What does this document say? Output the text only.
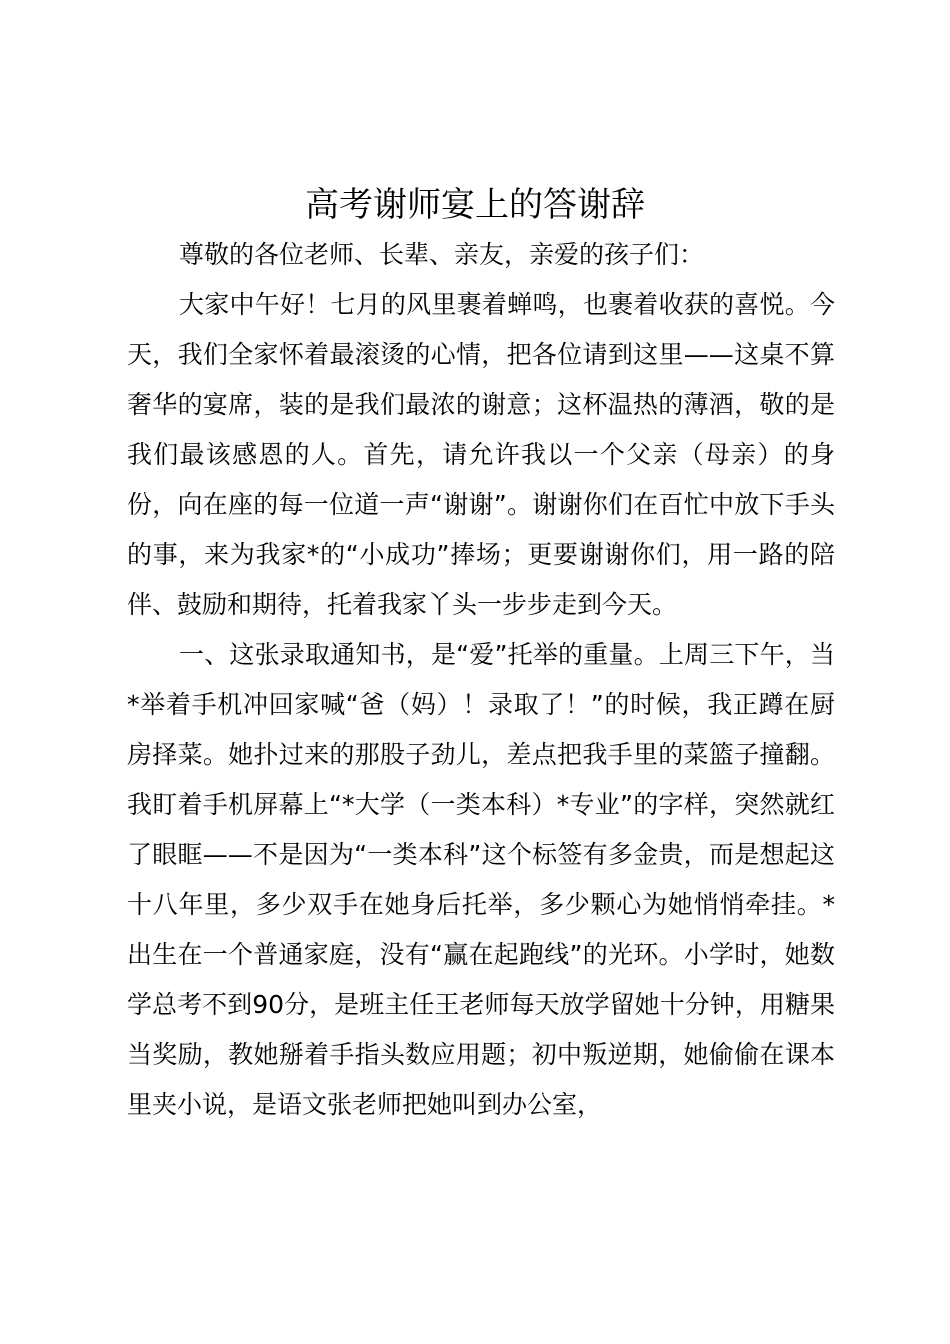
高考谢师宴上的答谢辞

尊敬的各位老师、长辈、亲友，亲爱的孩子们：

大家中午好！七月的风里裹着蝉鸣，也裹着收获的喜悦。今天，我们全家怀着最滚烫的心情，把各位请到这里——这桌不算奢华的宴席，装的是我们最浓的谢意；这杯温热的薄酒，敬的是我们最该感恩的人。首先，请允许我以一个父亲（母亲）的身份，向在座的每一位道一声“谢谢”。谢谢你们在百忙中放下手头的事，来为我家*的“小成功”捧场；更要谢谢你们，用一路的陪伴、鼓励和期待，托着我家丫头一步步走到今天。

一、这张录取通知书，是“爱”托举的重量。上周三下午，当*举着手机冲回家喊“爸（妈）！录取了！”的时候，我正蹲在厨房择菜。她扑过来的那股子劲儿，差点把我手里的菜篮子撞翻。我盯着手机屏幕上“*大学（一类本科）*专业”的字样，突然就红了眼眶——不是因为“一类本科”这个标签有多金贵，而是想起这十八年里，多少双手在她身后托举，多少颗心为她悄悄牵挂。*出生在一个普通家庭，没有“赢在起跑线”的光环。小学时，她数学总考不到90分，是班主任王老师每天放学留她十分钟，用糖果当奖励，教她掰着手指头数应用题；初中叛逆期，她偷偷在课本里夹小说，是语文张老师把她叫到办公室，
